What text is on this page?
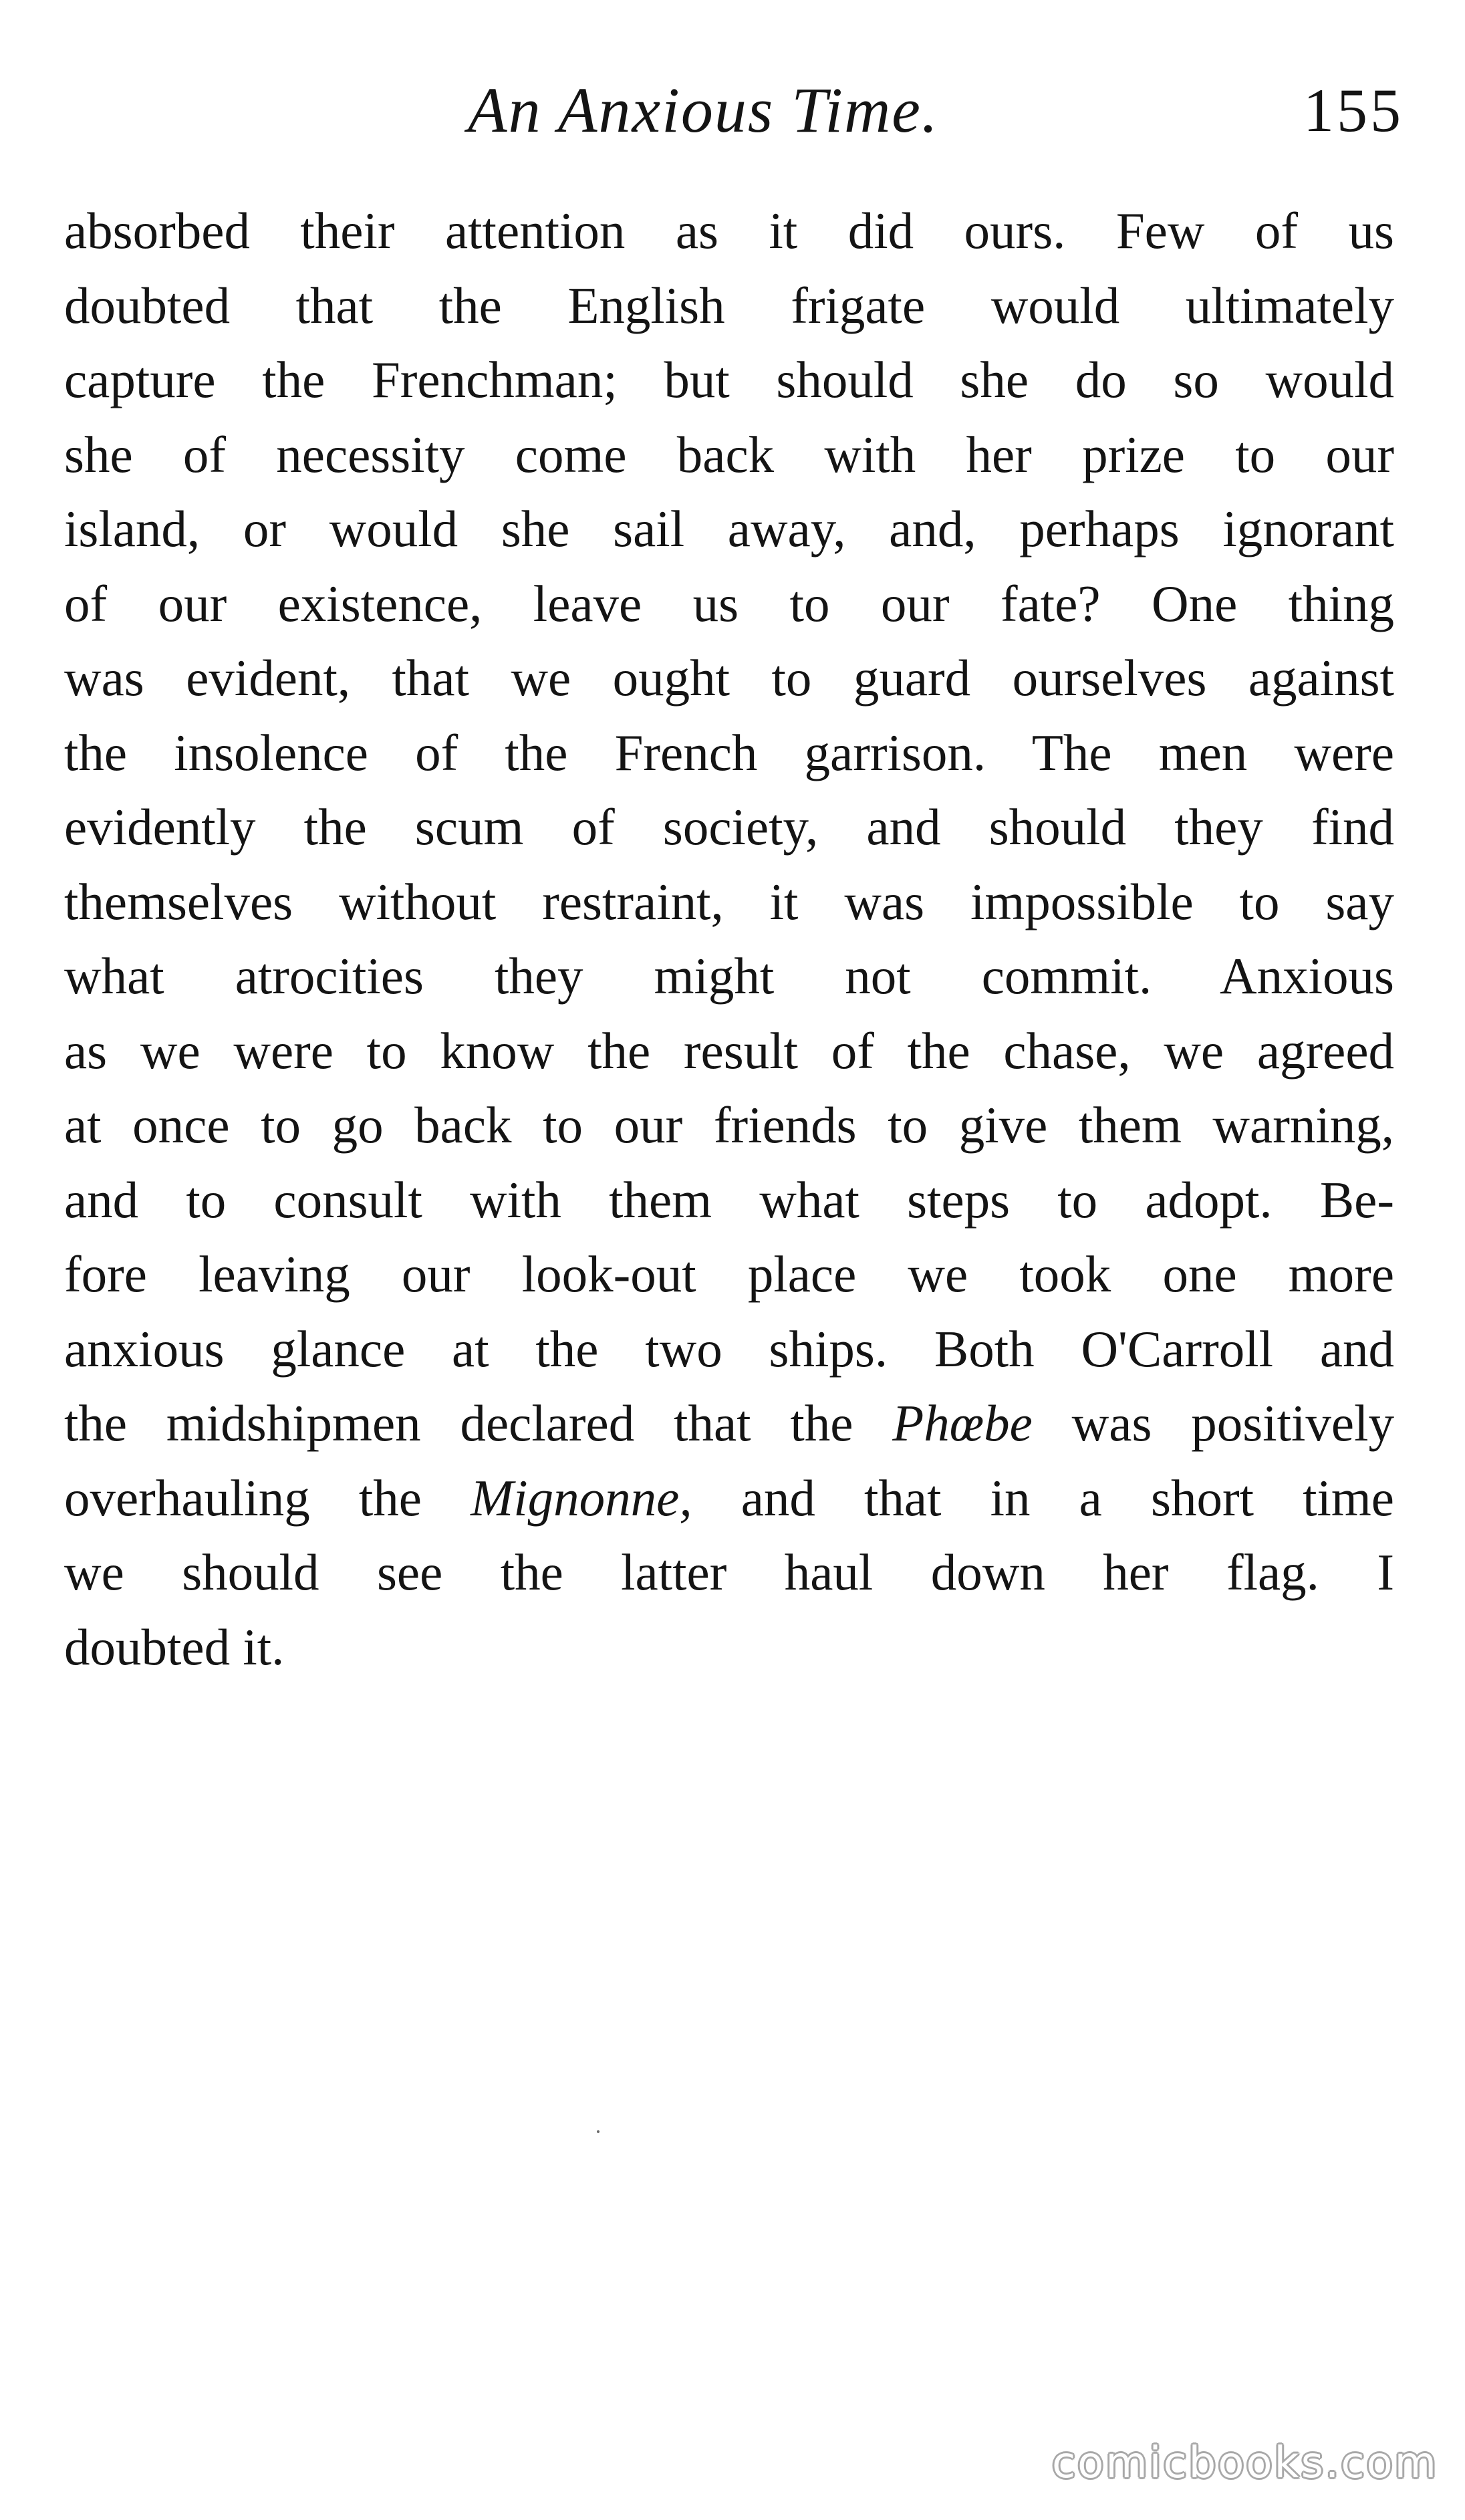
An Anxious Time.	155

absorbed their attention as it did ours. Few of us
doubted that the English frigate would ultimately
capture the Frenchman; but should she do so would
she of necessity come back with her prize to our
island, or would she sail away, and, perhaps ignorant
of our existence, leave us to our fate? One thing
was evident, that we ought to guard ourselves against
the insolence of the French garrison. The men were
evidently the scum of society, and should they find
themselves without restraint, it was impossible to say
what atrocities they might not commit. Anxious
as we were to know the result of the chase, we agreed
at once to go back to our friends to give them warning,
and to consult with them what steps to adopt. Be-
fore leaving our look-out place we took one more
anxious glance at the two ships. Both O'Carroll and
the midshipmen declared that the Phœbe was positively
overhauling the Mignonne, and that in a short time
we should see the latter haul down her flag. I
doubted it.

comicbooks.com
